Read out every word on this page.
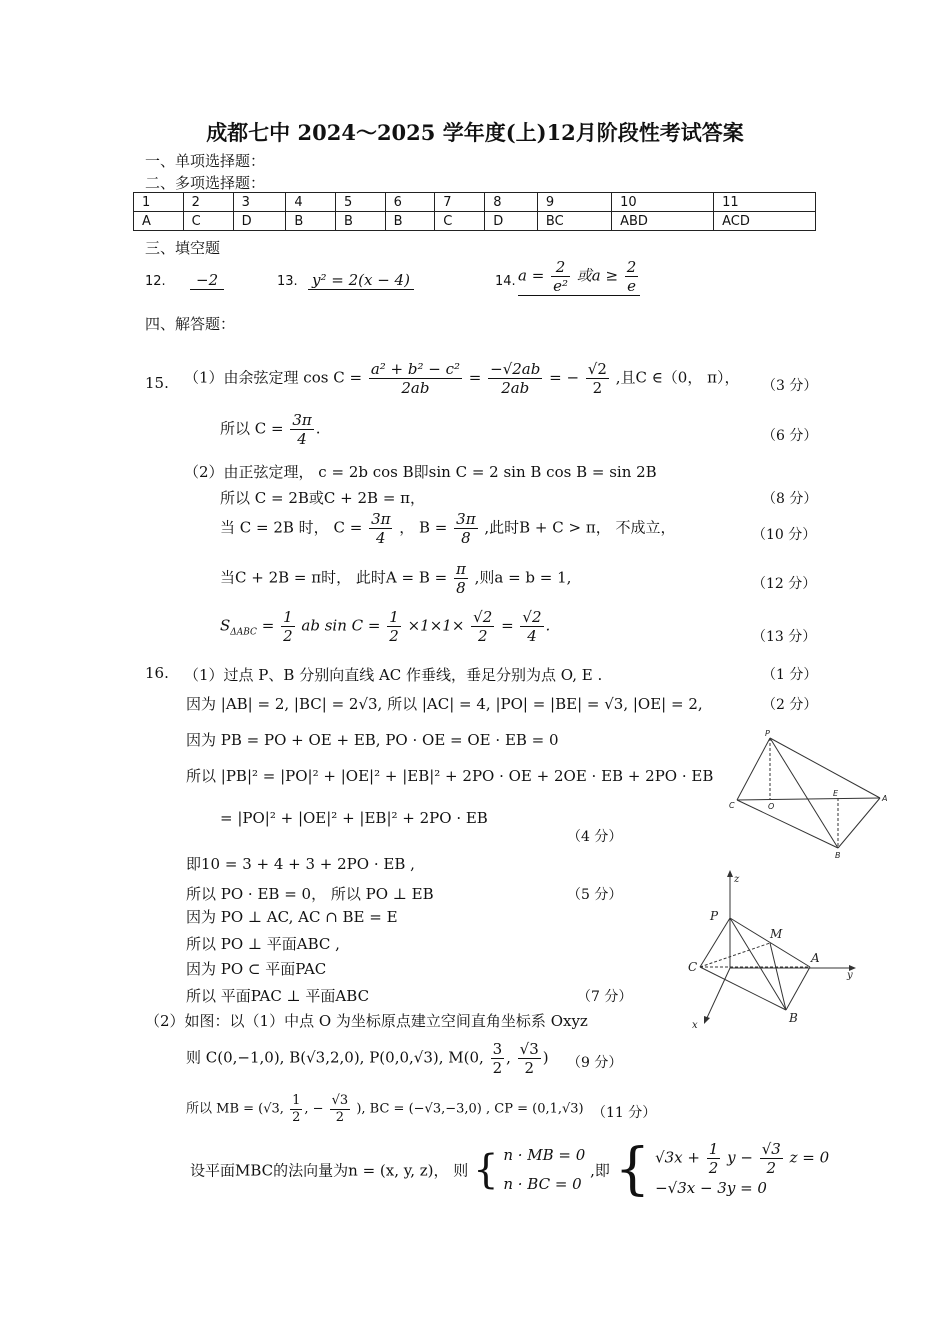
成都七中 2024～2025 学年度(上)12月阶段性考试答案
一、单项选择题：
二、多项选择题：
1	2	3	4	5	6	7	8	9	10	11
A	C	D	B	B	B	C	D	BC	ABD	ACD
三、填空题
12.	−2	13. y² = 2(x − 4)	14. $a = \frac{2}{\text{e²}}$ 或$a \ge \frac{2}{e}$
四、解答题：
15. （1）由余弦定理 $\cos C = \frac{\text{a² + b² − c²}}{2ab} = \frac{-√2ab}{2ab}$ = − $\frac{√2}{2}$ ,且C ∈（0， π）， （3 分）
所以 $C = \frac{3\pi}{4}$ .	（6 分）
（2）由正弦定理， c = 2b cos B即sin C = 2 sin B cos B = sin 2B
所以 C = 2B或C + 2B = π，	（8 分）
当 C = 2B 时， $C = \frac{3\pi}{4}$ ， $B = \frac{3\pi}{8}$ ,此时B + C > π， 不成立，	（10 分）
当C + 2B = π时， 此时$A = B = \frac{\pi}{8}$ ,则a = b = 1,	（12 分）
$S_{\Delta ABC} = \frac{1}{2}$ ab $\sin C = \frac{1}{2} \times 1\times 1\times \frac{√2}{2} = \frac{√2}{4}$ .
（13 分）
16. （1）过点 P、B 分别向直线 AC 作垂线，垂足分别为点 O, E .	（1 分）
因为 |AB| = 2, |BC| = 2√3, 所以 |AC| = 4, |PO| = |BE| = √3, |OE| = 2,	（2 分）
因为 PB = PO + OE + EB, PO · OE = OE · EB = 0
所以 |PB|² = |PO|² + |OE|² + |EB|² + 2PO · OE + 2OE · EB + 2PO · EB
= |PO|² + |OE|² + |EB|² + 2PO · EB
（4 分）
即10 = 3 + 4 + 3 + 2PO · EB ,
所以 PO · EB = 0， 所以 PO ⊥ EB	（5 分）
因为 PO ⊥ AC, AC ∩ BE = E
所以 PO ⊥ 平面ABC ,
因为 PO ⊂ 平面PAC
所以 平面PAC ⊥ 平面ABC	（7 分）
（2）如图：以（1）中点 O 为坐标原点建立空间直角坐标系 Oxyz
则 C(0,−1,0), B(√3,2,0), P(0,0,√3), M(0, $\frac{3}{2}$ , $\frac{√3}{2}$ ) （9 分）
所以 MB = (√3, $\frac{1}{2}$ , − $\frac{√3}{2}$ ), BC = (−√3,−3,0) , CP = (0,1,√3) （11 分）
设平面MBC的法向量为n = (x, y, z)， 则 { n · MB = 0
n · BC = 0
,即 { $√3x + \frac{1}{2}$ $y - \frac{√3}{2}$ z = 0
−√3x − 3y = 0
P
C	O
E
A
B
z
P
M
C
A
y
x
B
